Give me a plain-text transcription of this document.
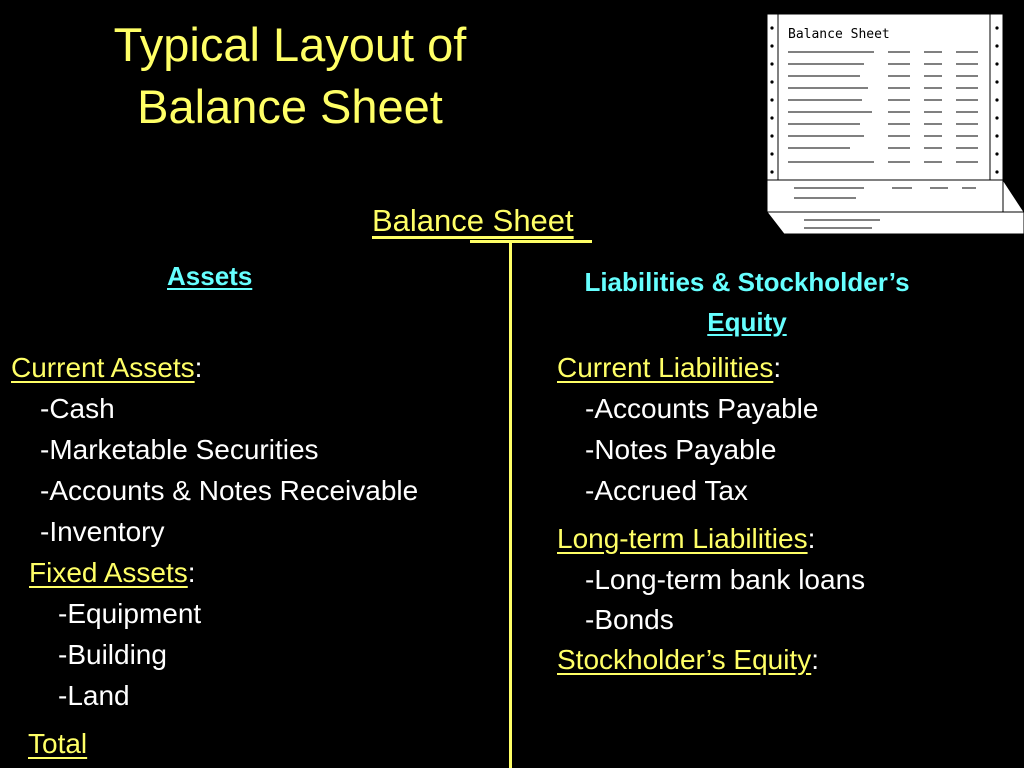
Typical Layout of
Balance Sheet
Balance Sheet
Balance Sheet
Assets
Current Assets:
-Cash
-Marketable Securities
-Accounts & Notes Receivable
-Inventory
Fixed Assets:
-Equipment
-Building
-Land
Total
Liabilities & Stockholder’s
Equity
Current Liabilities:
-Accounts Payable
-Notes Payable
-Accrued Tax
Long-term Liabilities:
-Long-term bank loans
-Bonds
Stockholder’s Equity:
